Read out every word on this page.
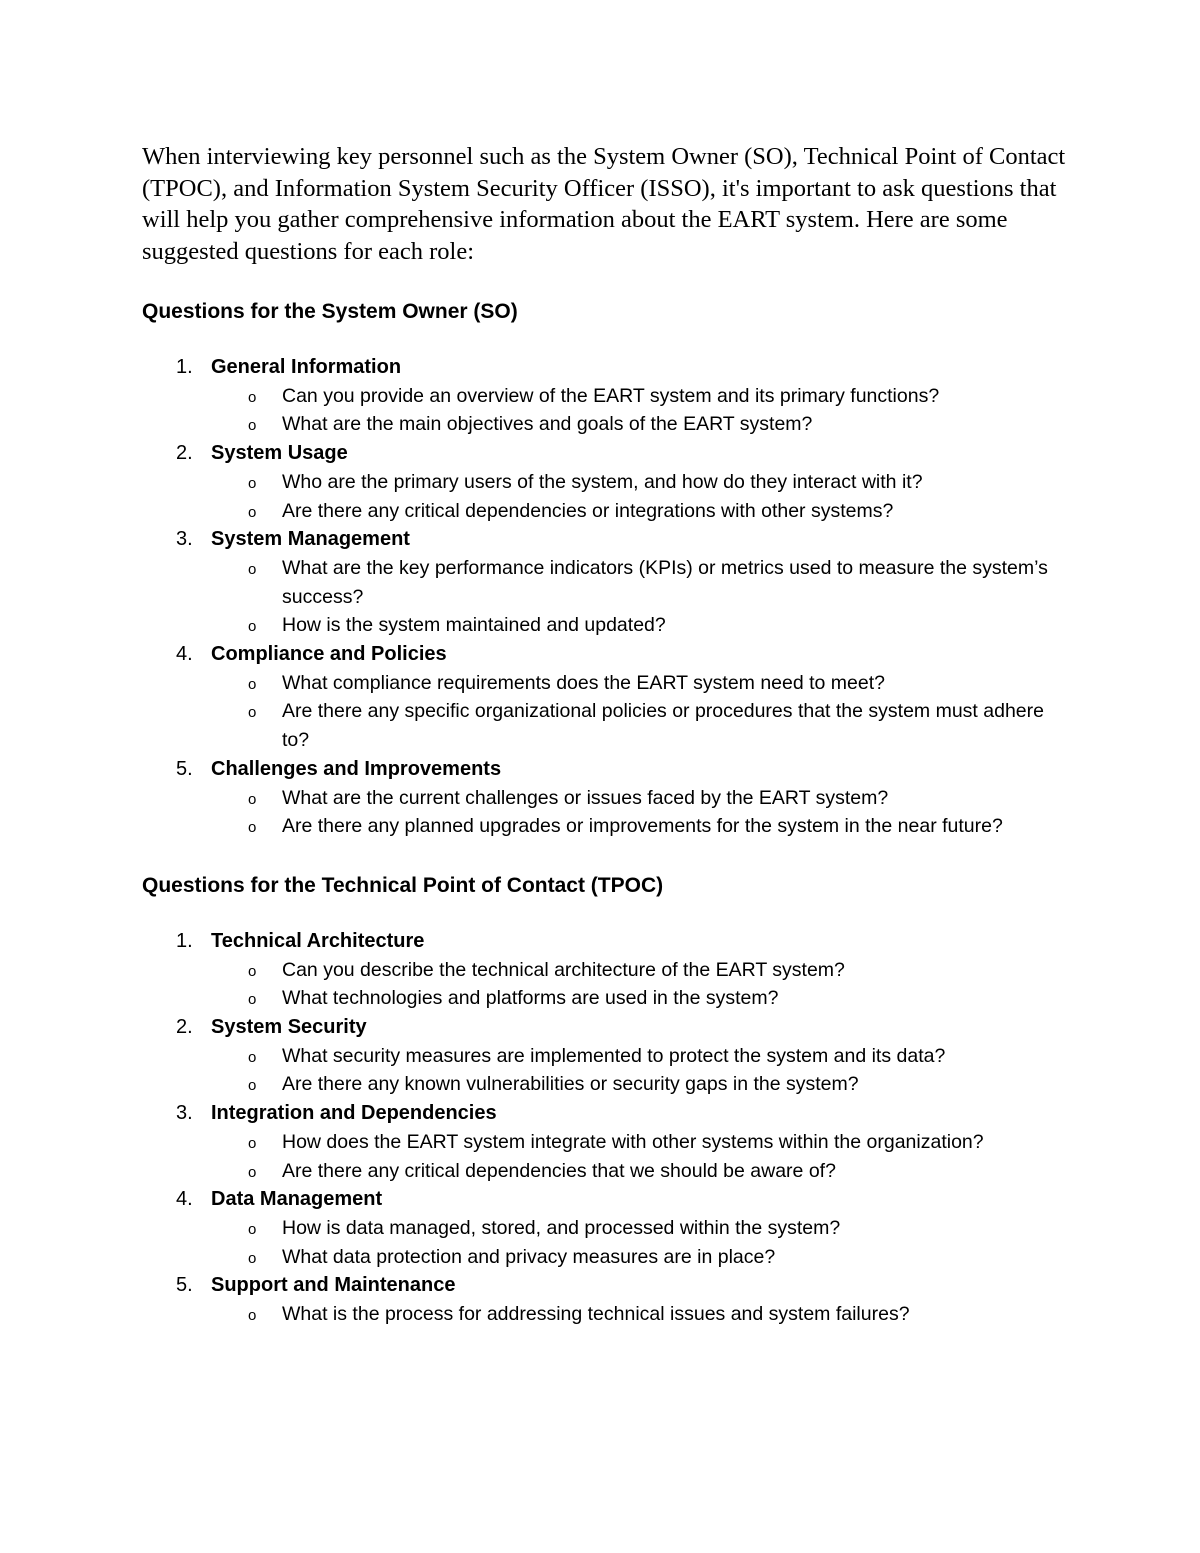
When interviewing key personnel such as the System Owner (SO), Technical Point of Contact (TPOC), and Information System Security Officer (ISSO), it's important to ask questions that will help you gather comprehensive information about the EART system. Here are some suggested questions for each role:

Questions for the System Owner (SO)
1. General Information
o Can you provide an overview of the EART system and its primary functions?
o What are the main objectives and goals of the EART system?
2. System Usage
o Who are the primary users of the system, and how do they interact with it?
o Are there any critical dependencies or integrations with other systems?
3. System Management
o What are the key performance indicators (KPIs) or metrics used to measure the system’s success?
o How is the system maintained and updated?
4. Compliance and Policies
o What compliance requirements does the EART system need to meet?
o Are there any specific organizational policies or procedures that the system must adhere to?
5. Challenges and Improvements
o What are the current challenges or issues faced by the EART system?
o Are there any planned upgrades or improvements for the system in the near future?
Questions for the Technical Point of Contact (TPOC)
1. Technical Architecture
o Can you describe the technical architecture of the EART system?
o What technologies and platforms are used in the system?
2. System Security
o What security measures are implemented to protect the system and its data?
o Are there any known vulnerabilities or security gaps in the system?
3. Integration and Dependencies
o How does the EART system integrate with other systems within the organization?
o Are there any critical dependencies that we should be aware of?
4. Data Management
o How is data managed, stored, and processed within the system?
o What data protection and privacy measures are in place?
5. Support and Maintenance
o What is the process for addressing technical issues and system failures?
